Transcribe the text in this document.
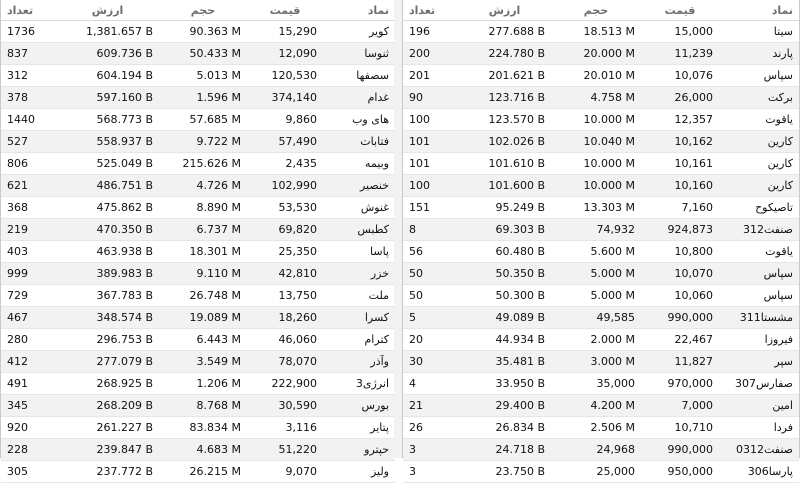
تعداد	ارزش	حجم	قیمت	نماد
1736	1,381.657 B	90.363 M	15,290	کویر
837	609.736 B	50.433 M	12,090	ثنوسا
312	604.194 B	5.013 M	120,530	سصفها
378	597.160 B	1.596 M	374,140	غدام
1440	568.773 B	57.685 M	9,860	های وب
527	558.937 B	9.722 M	57,490	فتابات
806	525.049 B	215.626 M	2,435	وبیمه
621	486.751 B	4.726 M	102,990	خنصیر
368	475.862 B	8.890 M	53,530	غنوش
219	470.350 B	6.737 M	69,820	کطبس
403	463.938 B	18.301 M	25,350	پاسا
999	389.983 B	9.110 M	42,810	خزر
729	367.783 B	26.748 M	13,750	ملت
467	348.574 B	19.089 M	18,260	کسرا
280	296.753 B	6.443 M	46,060	کترام
412	277.079 B	3.549 M	78,070	وآذر
491	268.925 B	1.206 M	222,900	انرژی3
345	268.209 B	8.768 M	30,590	بورس
920	261.227 B	83.834 M	3,116	پتایر
228	239.847 B	4.683 M	51,220	حپترو
305	237.772 B	26.215 M	9,070	ولیز
تعداد	ارزش	حجم	قیمت	نماد
196	277.688 B	18.513 M	15,000	سیتا
200	224.780 B	20.000 M	11,239	پارند
201	201.621 B	20.010 M	10,076	سپاس
90	123.716 B	4.758 M	26,000	برکت
100	123.570 B	10.000 M	12,357	یاقوت
101	102.026 B	10.040 M	10,162	کارین
101	101.610 B	10.000 M	10,161	کارین
100	101.600 B	10.000 M	10,160	کارین
151	95.249 B	13.303 M	7,160	تاصیکوح
8	69.303 B	74,932	924,873	صنفت312
56	60.480 B	5.600 M	10,800	یاقوت
50	50.350 B	5.000 M	10,070	سپاس
50	50.300 B	5.000 M	10,060	سپاس
5	49.089 B	49,585	990,000	مشستا311
20	44.934 B	2.000 M	22,467	فیروزا
30	35.481 B	3.000 M	11,827	سپر
4	33.950 B	35,000	970,000	صفارس307
21	29.400 B	4.200 M	7,000	امین
26	26.834 B	2.506 M	10,710	فردا
3	24.718 B	24,968	990,000	صنفت0312
3	23.750 B	25,000	950,000	پارسا306
